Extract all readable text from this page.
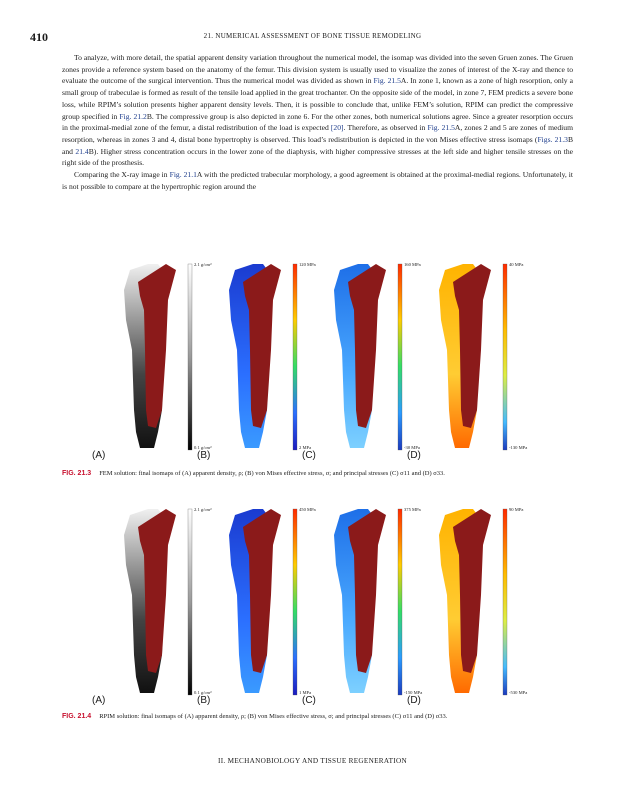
410	21. NUMERICAL ASSESSMENT OF BONE TISSUE REMODELING

To analyze, with more detail, the spatial apparent density variation throughout the numerical model, the isomap was divided into the seven Gruen zones. The Gruen zones provide a reference system based on the anatomy of the femur. This division system is usually used to visualize the zones of interest of the X-ray and thence to evaluate the outcome of the surgical intervention. Thus the numerical model was divided as shown in Fig. 21.5A. In zone 1, known as a zone of high resorption, only a small group of trabeculae is formed as result of the tensile load applied in the great trochanter. On the opposite side of the model, in zone 7, FEM predicts a severe bone loss, while RPIM’s solution presents higher apparent density levels. Then, it is possible to conclude that, unlike FEM’s solution, RPIM can predict the compressive group specified in Fig. 21.2B. The compressive group is also depicted in zone 6. For the other zones, both numerical solutions agree. Since a greater resorption occurs in the proximal-medial zone of the femur, a distal redistribution of the load is expected [20]. Therefore, as observed in Fig. 21.5A, zones 2 and 5 are zones of medium resorption, whereas in zones 3 and 4, distal bone hypertrophy is observed. This load’s redistribution is depicted in the von Mises effective stress isomaps (Figs. 21.3B and 21.4B). Higher stress concentration occurs in the lower zone of the diaphysis, with higher compressive stresses at the left side and higher tensile stresses on the right side of the prosthesis.

Comparing the X-ray image in Fig. 21.1A with the predicted trabecular morphology, a good agreement is obtained at the proximal-medial regions. Unfortunately, it is not possible to compare at the hypertrophic region around the

2.1 g/cm³
0.1 g/cm³
(A)
120 MPa
2 MPa
(B)
160 MPa
-30 MPa
(C)
40 MPa
-130 MPa
(D)
FIG. 21.3 FEM solution: final isomaps of (A) apparent density, ρ; (B) von Mises effective stress, σ; and principal stresses (C) σ11 and (D) σ33.
2.1 g/cm³
0.1 g/cm³
(A)
450 MPa
1 MPa
(B)
375 MPa
-150 MPa
(C)
90 MPa
-530 MPa
(D)
FIG. 21.4 RPIM solution: final isomaps of (A) apparent density, ρ; (B) von Mises effective stress, σ; and principal stresses (C) σ11 and (D) σ33.
II. MECHANOBIOLOGY AND TISSUE REGENERATION
